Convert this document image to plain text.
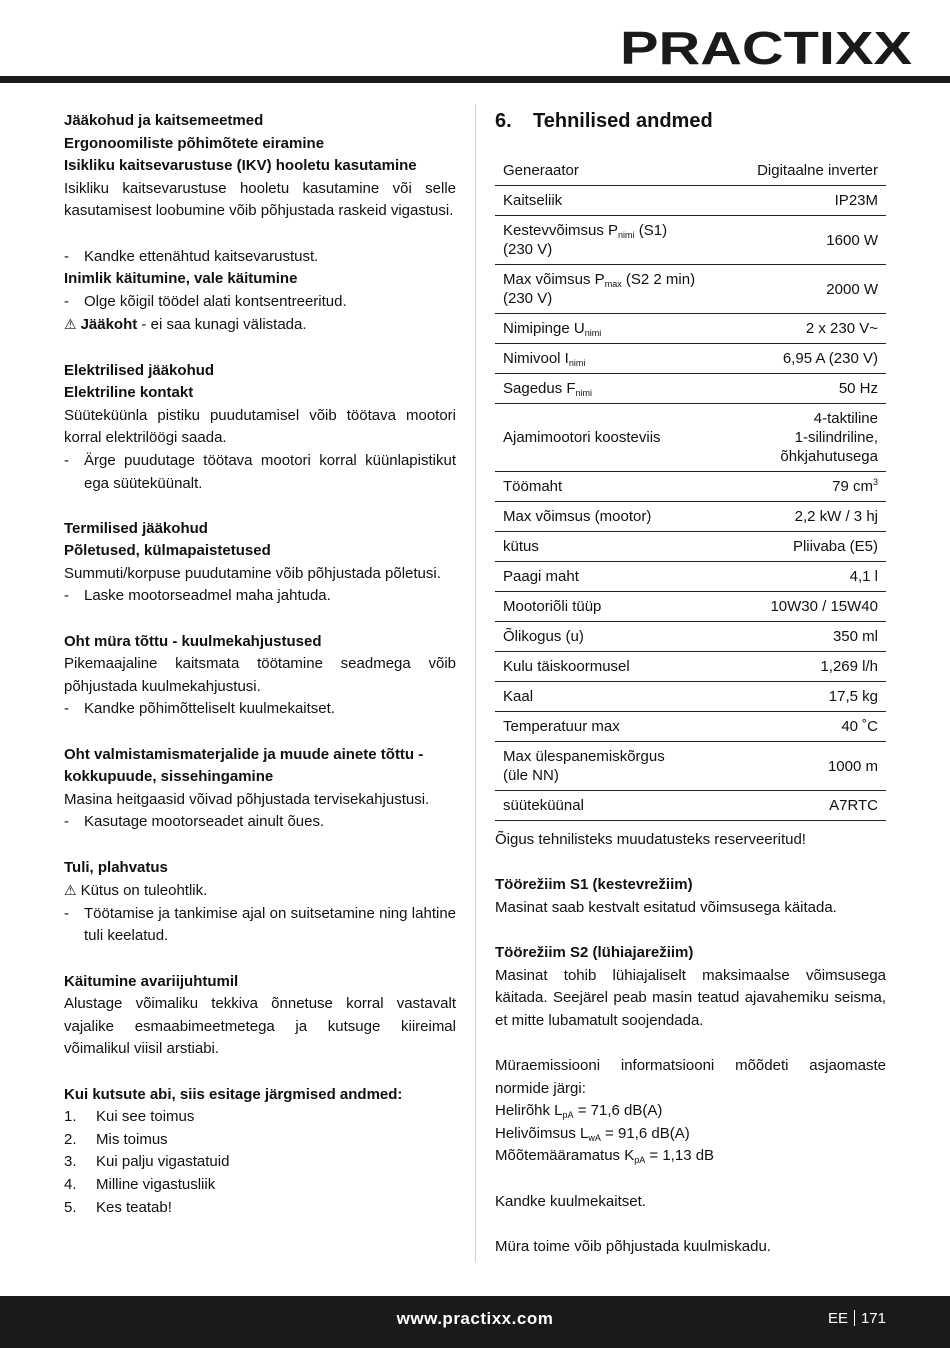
PRACTIXX

Jääkohud ja kaitsemeetmed

Ergonoomiliste põhimõtete eiramine

Isikliku kaitsevarustuse (IKV) hooletu kasutamine

Isikliku kaitsevarustuse hooletu kasutamine või selle kasutamisest loobumine võib põhjustada raskeid vigastusi.

-	Kandke ettenähtud kaitsevarustust.

Inimlik käitumine, vale käitumine

-	Olge kõigil töödel alati kontsentreeritud.

⚠ Jääkoht - ei saa kunagi välistada.

Elektrilised jääkohud

Elektriline kontakt

Süüteküünla pistiku puudutamisel võib töötava mootori korral elektrilöögi saada.

-	Ärge puudutage töötava mootori korral küünlapistikut ega süüteküünalt.

Termilised jääkohud

Põletused, külmapaistetused

Summuti/korpuse puudutamine võib põhjustada põletusi.

-	Laske mootorseadmel maha jahtuda.

Oht müra tõttu - kuulmekahjustused

Pikemaajaline kaitsmata töötamine seadmega võib põhjustada kuulmekahjustusi.

-	Kandke põhimõtteliselt kuulmekaitset.

Oht valmistamismaterjalide ja muude ainete tõttu - kokkupuude, sissehingamine

Masina heitgaasid võivad põhjustada tervisekahjustusi.

-	Kasutage mootorseadet ainult õues.

Tuli, plahvatus

⚠ Kütus on tuleohtlik.

-	Töötamise ja tankimise ajal on suitsetamine ning lahtine tuli keelatud.

Käitumine avariijuhtumil

Alustage võimaliku tekkiva õnnetuse korral vastavalt vajalike esmaabimeetmetega ja kutsuge kiireimal võimalikul viisil arstiabi.

Kui kutsute abi, siis esitage järgmised andmed:

1.	Kui see toimus
2.	Mis toimus
3.	Kui palju vigastatuid
4.	Milline vigastusliik
5.	Kes teatab!
6.	Tehnilised andmed
Generaator	Digitaalne inverter
Kaitseliik	IP23M
Kestevvõimsus $P_{nimi}$ (S1)
(230 V)	1600 W
Max võimsus $P_{max}$ (S2 2 min)
(230 V)	2000 W
Nimipinge $U_{nimi}$	2 x 230 V~
Nimivool $I_{nimi}$	6,95 A (230 V)
Sagedus $F_{nimi}$	50 Hz
Ajamimootori koosteviis	4-taktiline
1-silindriline,
õhkjahutusega
Töömaht	79 $cm^3$
Max võimsus (mootor)	2,2 kW / 3 hj
kütus	Pliivaba (E5)
Paagi maht	4,1 l
Mootoriõli tüüp	10W30 / 15W40
Õlikogus (u)	350 ml
Kulu täiskoormusel	1,269 l/h
Kaal	17,5 kg
Temperatuur max	40 ˚C
Max ülespanemiskõrgus
(üle NN)	1000 m
süüteküünal	A7RTC

Õigus tehnilisteks muudatusteks reserveeritud!

Töörežiim S1 (kestevrežiim)

Masinat saab kestvalt esitatud võimsusega käitada.

Töörežiim S2 (lühiajarežiim)

Masinat tohib lühiajaliselt maksimaalse võimsusega käitada. Seejärel peab masin teatud ajavahemiku seisma, et mitte lubamatult soojendada.

Müraemissiooni informatsiooni mõõdeti asjaomaste normide järgi:

Helirõhk $L_{pA} = 71,6$ dB(A)

Helivõimsus $L_{wA} = 91,6$ dB(A)

Mõõtemääramatus $K_{pA} = 1,13$ dB

Kandke kuulmekaitset.

Müra toime võib põhjustada kuulmiskadu.

www.practixx.com	EE 171
